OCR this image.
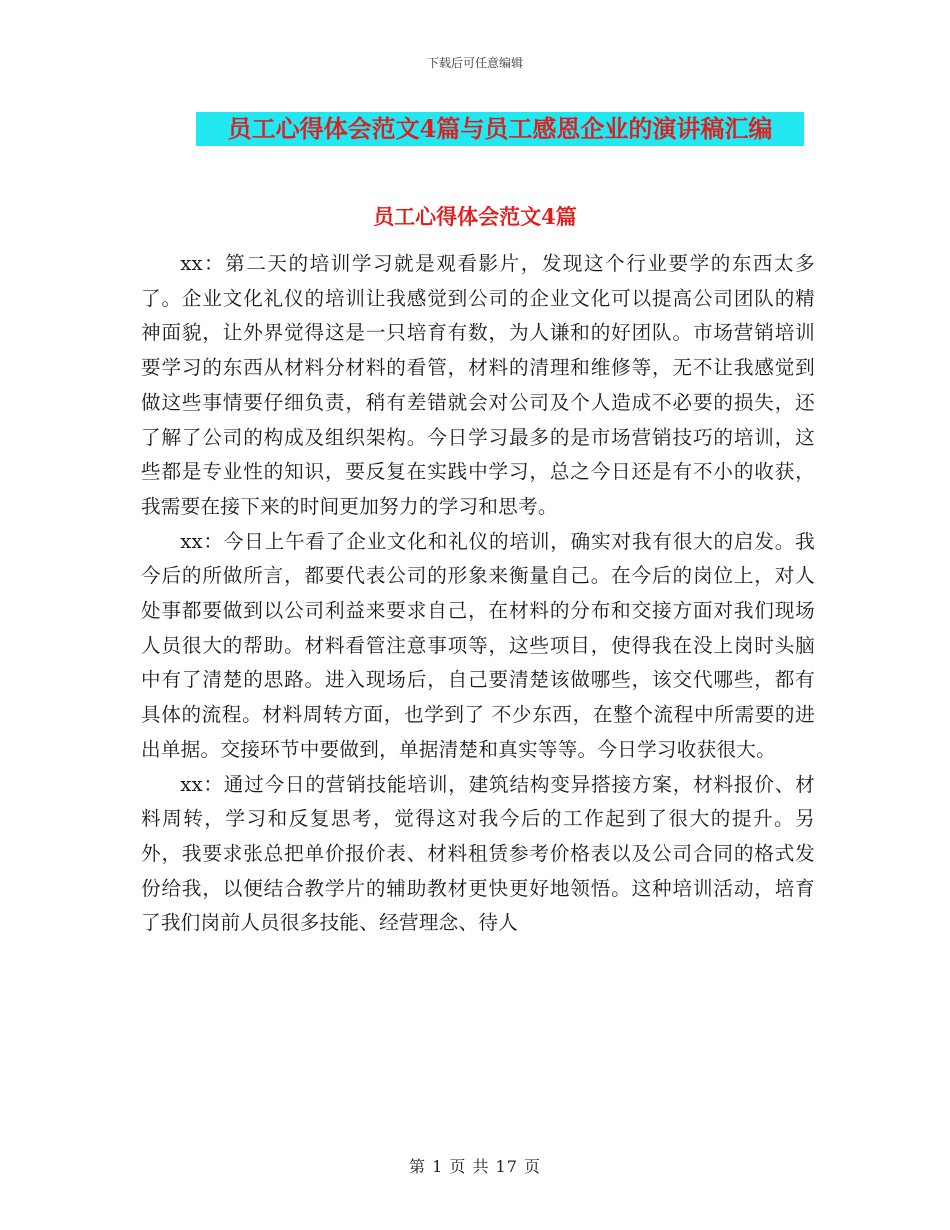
下载后可任意编辑
员工心得体会范文4篇与员工感恩企业的演讲稿汇编
员工心得体会范文4篇

xx：第二天的培训学习就是观看影片，发现这个行业要学的东西太多了。企业文化礼仪的培训让我感觉到公司的企业文化可以提高公司团队的精神面貌，让外界觉得这是一只培育有数，为人谦和的好团队。市场营销培训要学习的东西从材料分材料的看管，材料的清理和维修等，无不让我感觉到做这些事情要仔细负责，稍有差错就会对公司及个人造成不必要的损失，还了解了公司的构成及组织架构。今日学习最多的是市场营销技巧的培训，这些都是专业性的知识，要反复在实践中学习，总之今日还是有不小的收获，我需要在接下来的时间更加努力的学习和思考。

xx：今日上午看了企业文化和礼仪的培训，确实对我有很大的启发。我今后的所做所言，都要代表公司的形象来衡量自己。在今后的岗位上，对人处事都要做到以公司利益来要求自己，在材料的分布和交接方面对我们现场人员很大的帮助。材料看管注意事项等，这些项目，使得我在没上岗时头脑中有了清楚的思路。进入现场后，自己要清楚该做哪些，该交代哪些，都有具体的流程。材料周转方面，也学到了 不少东西，在整个流程中所需要的进出单据。交接环节中要做到，单据清楚和真实等等。今日学习收获很大。

xx：通过今日的营销技能培训，建筑结构变异搭接方案，材料报价、材料周转，学习和反复思考，觉得这对我今后的工作起到了很大的提升。另外，我要求张总把单价报价表、材料租赁参考价格表以及公司合同的格式发份给我，以便结合教学片的辅助教材更快更好地领悟。这种培训活动，培育了我们岗前人员很多技能、经营理念、待人

第 1 页 共 17 页
